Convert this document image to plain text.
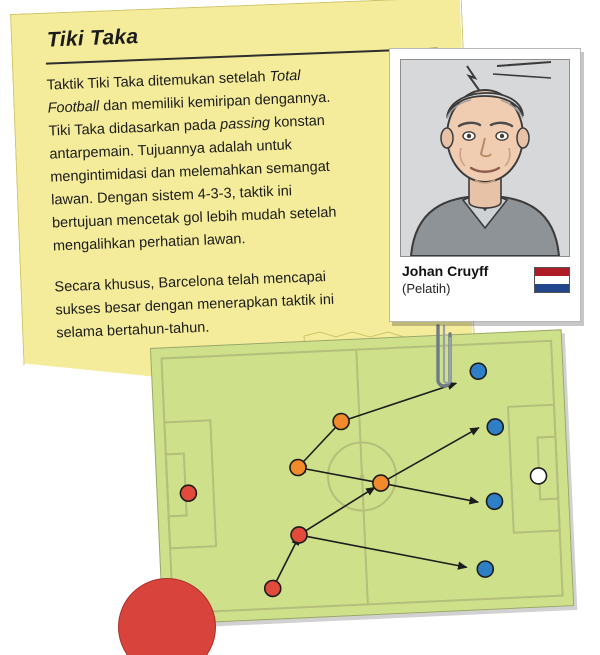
Tiki Taka

Taktik Tiki Taka ditemukan setelah Total Football dan memiliki kemiripan dengannya. Tiki Taka didasarkan pada passing konstan antarpemain. Tujuannya adalah untuk mengintimidasi dan melemahkan semangat lawan. Dengan sistem 4-3-3, taktik ini bertujuan mencetak gol lebih mudah setelah mengalihkan perhatian lawan.

Secara khusus, Barcelona telah mencapai sukses besar dengan menerapkan taktik ini selama bertahun-tahun.

Johan Cruyff
(Pelatih)
